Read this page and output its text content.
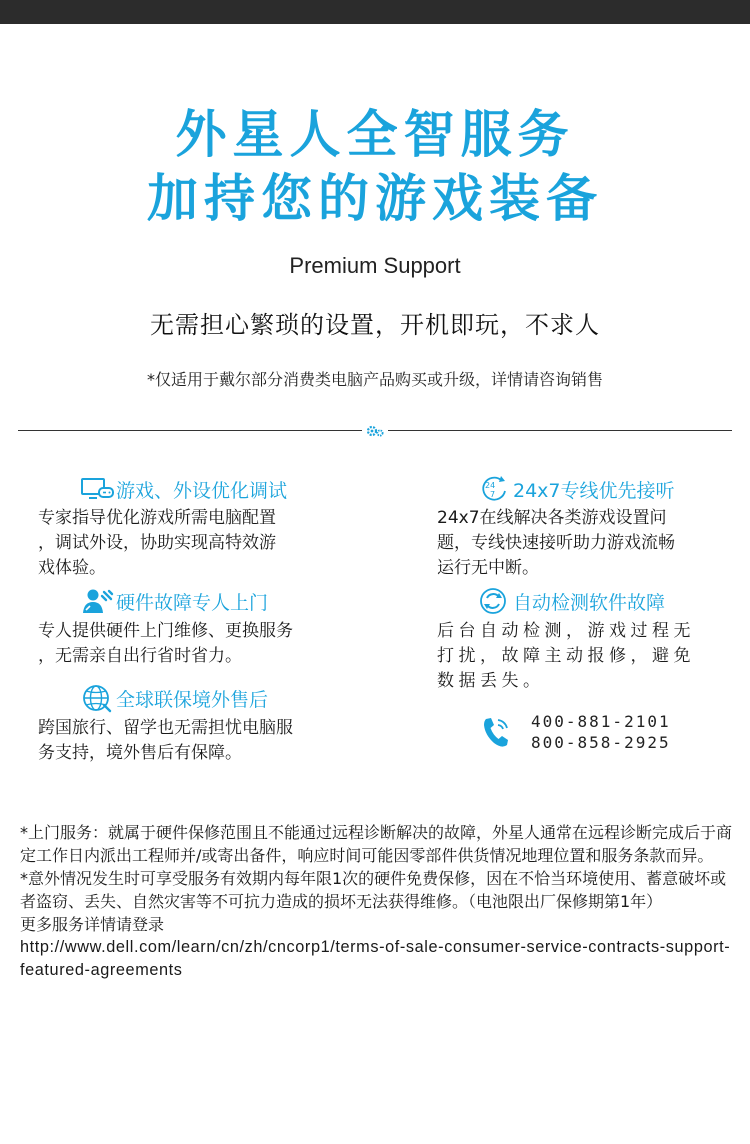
外星人全智服务
加持您的游戏装备
Premium Support
无需担心繁琐的设置，开机即玩，不求人
*仅适用于戴尔部分消费类电脑产品购买或升级，详情请咨询销售
游戏、外设优化调试
专家指导优化游戏所需电脑配置
，调试外设，协助实现高特效游
戏体验。
24
7 24x7专线优先接听
24x7在线解决各类游戏设置问
题，专线快速接听助力游戏流畅
运行无中断。
硬件故障专人上门
专人提供硬件上门维修、更换服务
，无需亲自出行省时省力。
自动检测软件故障
后台自动检测，游戏过程无
打扰，故障主动报修，避免
数据丢失。
全球联保境外售后
跨国旅行、留学也无需担忧电脑服
务支持，境外售后有保障。
400-881-2101
800-858-2925

*上门服务：就属于硬件保修范围且不能通过远程诊断解决的故障，外星人通常在远程诊断完成后于商定工作日内派出工程师并/或寄出备件，响应时间可能因零部件供货情况地理位置和服务条款而异。

*意外情况发生时可享受服务有效期内每年限1次的硬件免费保修，因在不恰当环境使用、蓄意破坏或者盗窃、丢失、自然灾害等不可抗力造成的损坏无法获得维修。（电池限出厂保修期第1年）

更多服务详情请登录

http://www.dell.com/learn/cn/zh/cncorp1/terms-of-sale-consumer-service-contracts-support-featured-agreements
